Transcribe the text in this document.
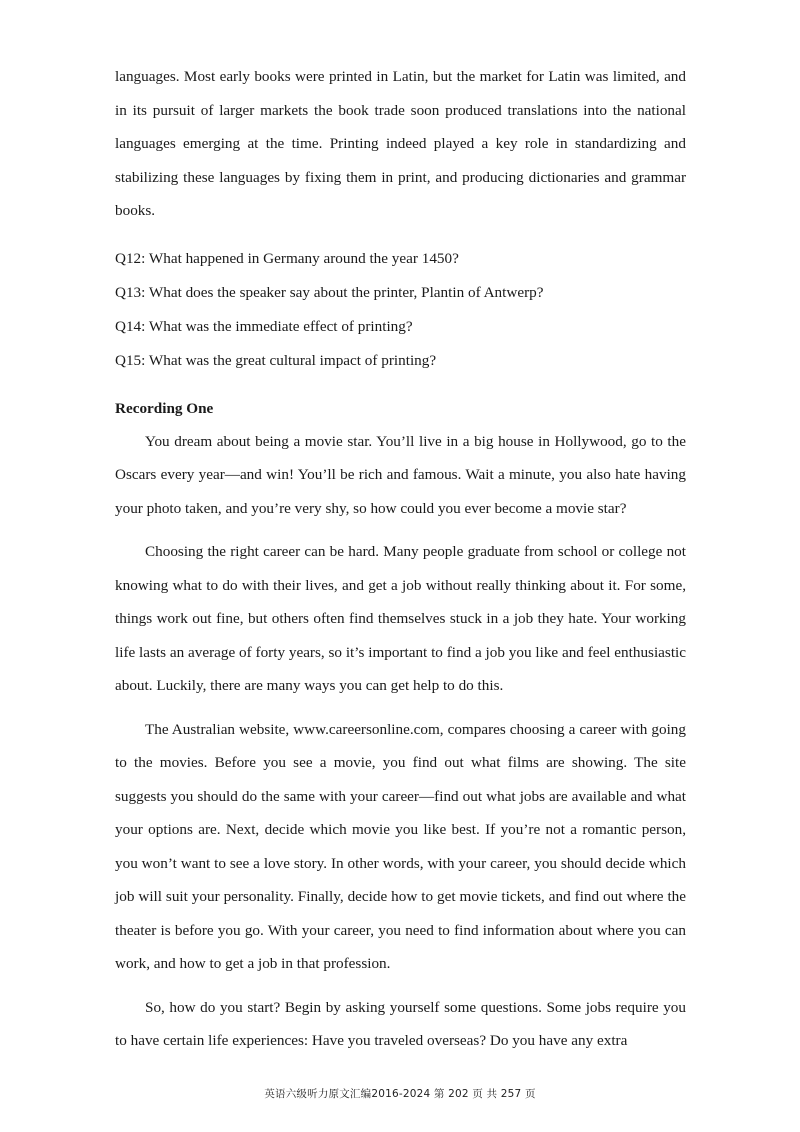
languages. Most early books were printed in Latin, but the market for Latin was limited, and in its pursuit of larger markets the book trade soon produced translations into the national languages emerging at the time. Printing indeed played a key role in standardizing and stabilizing these languages by fixing them in print, and producing dictionaries and grammar books.

Q12: What happened in Germany around the year 1450?

Q13: What does the speaker say about the printer, Plantin of Antwerp?

Q14: What was the immediate effect of printing?

Q15: What was the great cultural impact of printing?

Recording One

You dream about being a movie star. You’ll live in a big house in Hollywood, go to the Oscars every year—and win! You’ll be rich and famous. Wait a minute, you also hate having your photo taken, and you’re very shy, so how could you ever become a movie star?

Choosing the right career can be hard. Many people graduate from school or college not knowing what to do with their lives, and get a job without really thinking about it. For some, things work out fine, but others often find themselves stuck in a job they hate. Your working life lasts an average of forty years, so it’s important to find a job you like and feel enthusiastic about. Luckily, there are many ways you can get help to do this.

The Australian website, www.careersonline.com, compares choosing a career with going to the movies. Before you see a movie, you find out what films are showing. The site suggests you should do the same with your career—find out what jobs are available and what your options are. Next, decide which movie you like best. If you’re not a romantic person, you won’t want to see a love story. In other words, with your career, you should decide which job will suit your personality. Finally, decide how to get movie tickets, and find out where the theater is before you go. With your career, you need to find information about where you can work, and how to get a job in that profession.

So, how do you start? Begin by asking yourself some questions. Some jobs require you to have certain life experiences: Have you traveled overseas? Do you have any extra

英语六级听力原文汇编2016-2024 第 202 页 共 257 页
